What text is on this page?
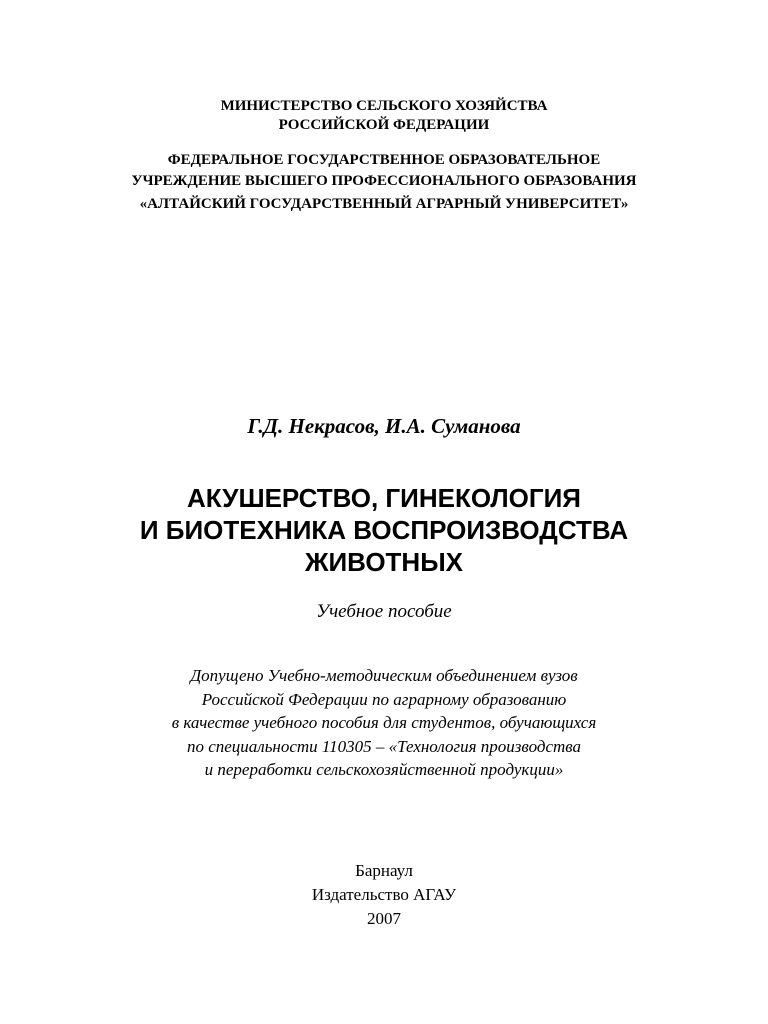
МИНИСТЕРСТВО СЕЛЬСКОГО ХОЗЯЙСТВА
РОССИЙСКОЙ ФЕДЕРАЦИИ
ФЕДЕРАЛЬНОЕ ГОСУДАРСТВЕННОЕ ОБРАЗОВАТЕЛЬНОЕ
УЧРЕЖДЕНИЕ ВЫСШЕГО ПРОФЕССИОНАЛЬНОГО ОБРАЗОВАНИЯ
«АЛТАЙСКИЙ ГОСУДАРСТВЕННЫЙ АГРАРНЫЙ УНИВЕРСИТЕТ»
Г.Д. Некрасов, И.А. Суманова
АКУШЕРСТВО, ГИНЕКОЛОГИЯ
И БИОТЕХНИКА ВОСПРОИЗВОДСТВА
ЖИВОТНЫХ
Учебное пособие
Допущено Учебно-методическим объединением вузов
Российской Федерации по аграрному образованию
в качестве учебного пособия для студентов, обучающихся
по специальности 110305 – «Технология производства
и переработки сельскохозяйственной продукции»
Барнаул
Издательство АГАУ
2007
